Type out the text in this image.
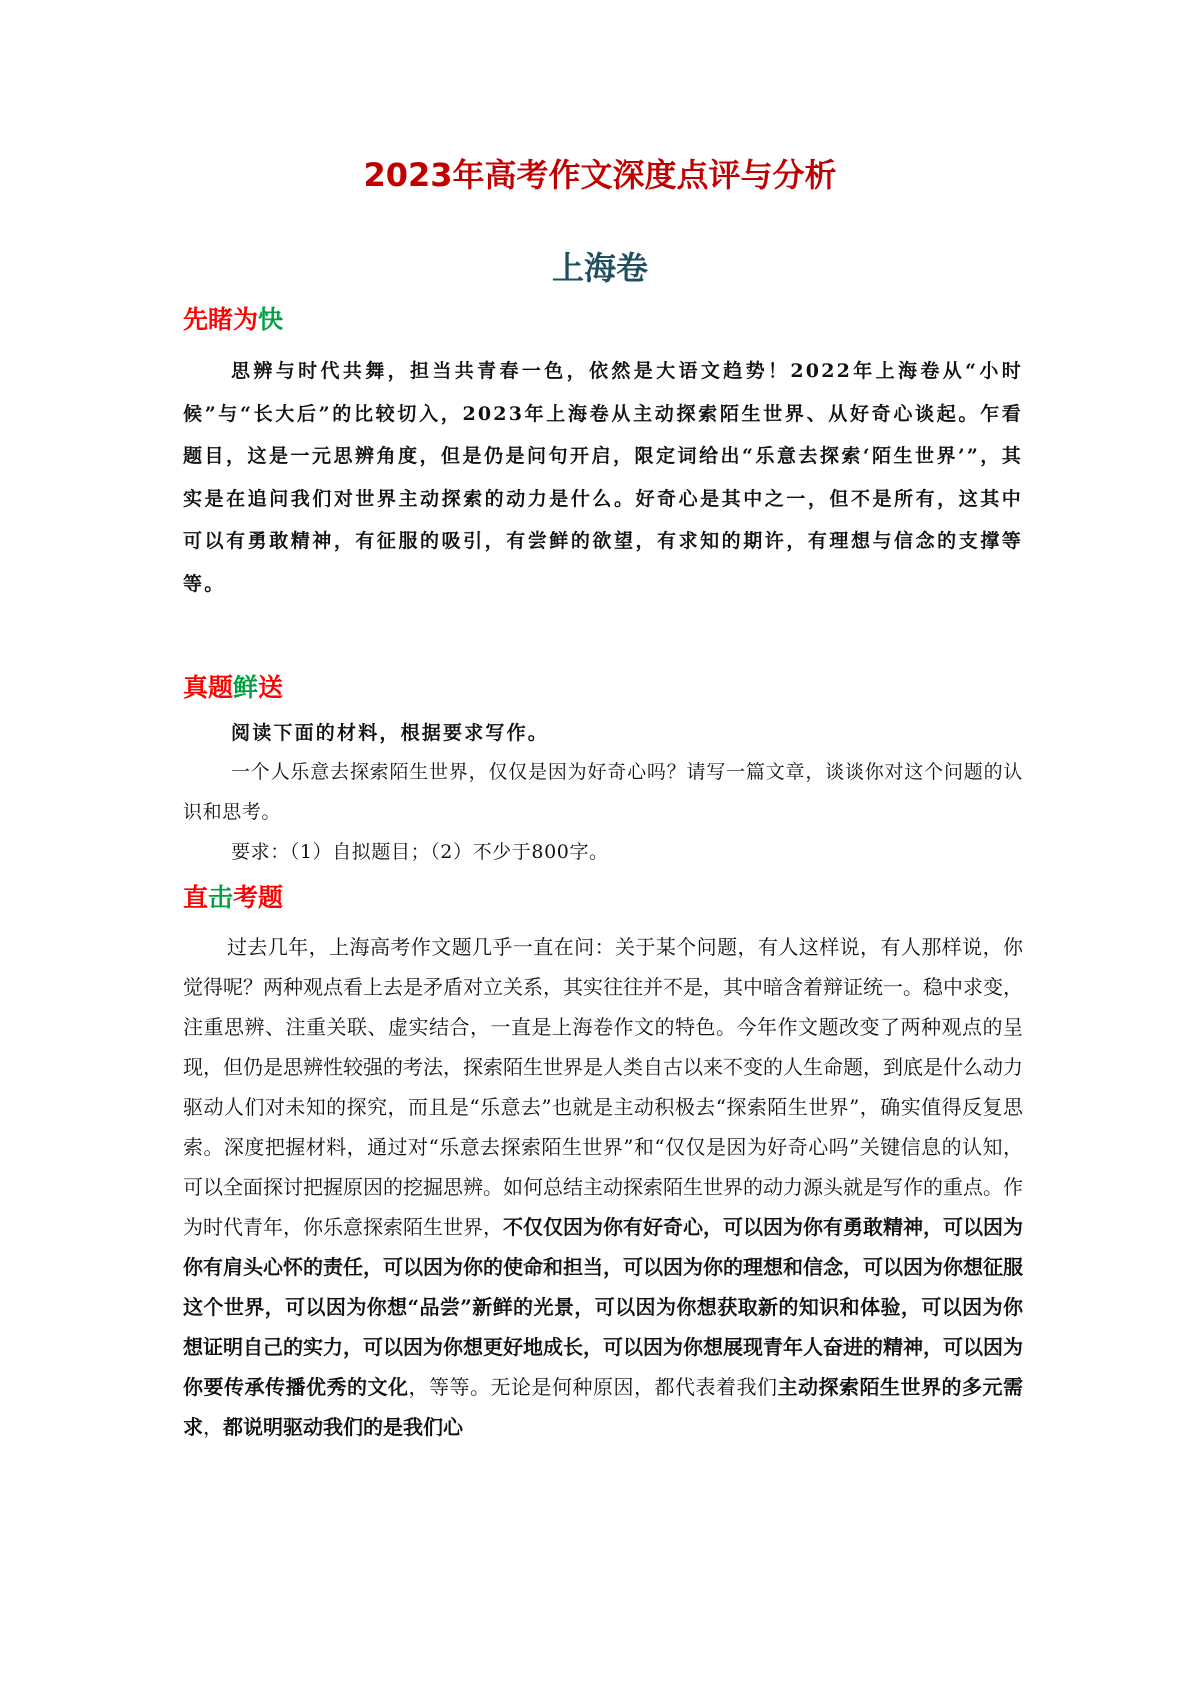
2023年高考作文深度点评与分析
上海卷
先睹为快

思辨与时代共舞，担当共青春一色，依然是大语文趋势！2022年上海卷从“小时候”与“长大后”的比较切入，2023年上海卷从主动探索陌生世界、从好奇心谈起。乍看题目，这是一元思辨角度，但是仍是问句开启，限定词给出“乐意去探索‘陌生世界’”，其实是在追问我们对世界主动探索的动力是什么。好奇心是其中之一，但不是所有，这其中可以有勇敢精神，有征服的吸引，有尝鲜的欲望，有求知的期许，有理想与信念的支撑等等。

真题鲜送

阅读下面的材料，根据要求写作。

一个人乐意去探索陌生世界，仅仅是因为好奇心吗？请写一篇文章，谈谈你对这个问题的认识和思考。

要求：（1）自拟题目；（2）不少于800字。

直击考题

过去几年，上海高考作文题几乎一直在问：关于某个问题，有人这样说，有人那样说，你觉得呢？两种观点看上去是矛盾对立关系，其实往往并不是，其中暗含着辩证统一。稳中求变，注重思辨、注重关联、虚实结合，一直是上海卷作文的特色。今年作文题改变了两种观点的呈现，但仍是思辨性较强的考法，探索陌生世界是人类自古以来不变的人生命题，到底是什么动力驱动人们对未知的探究，而且是“乐意去”也就是主动积极去“探索陌生世界”，确实值得反复思索。深度把握材料，通过对“乐意去探索陌生世界”和“仅仅是因为好奇心吗”关键信息的认知，可以全面探讨把握原因的挖掘思辨。如何总结主动探索陌生世界的动力源头就是写作的重点。作为时代青年，你乐意探索陌生世界，不仅仅因为你有好奇心，可以因为你有勇敢精神，可以因为你有肩头心怀的责任，可以因为你的使命和担当，可以因为你的理想和信念，可以因为你想征服这个世界，可以因为你想“品尝”新鲜的光景，可以因为你想获取新的知识和体验，可以因为你想证明自己的实力，可以因为你想更好地成长，可以因为你想展现青年人奋进的精神，可以因为你要传承传播优秀的文化，等等。无论是何种原因，都代表着我们主动探索陌生世界的多元需求，都说明驱动我们的是我们心
